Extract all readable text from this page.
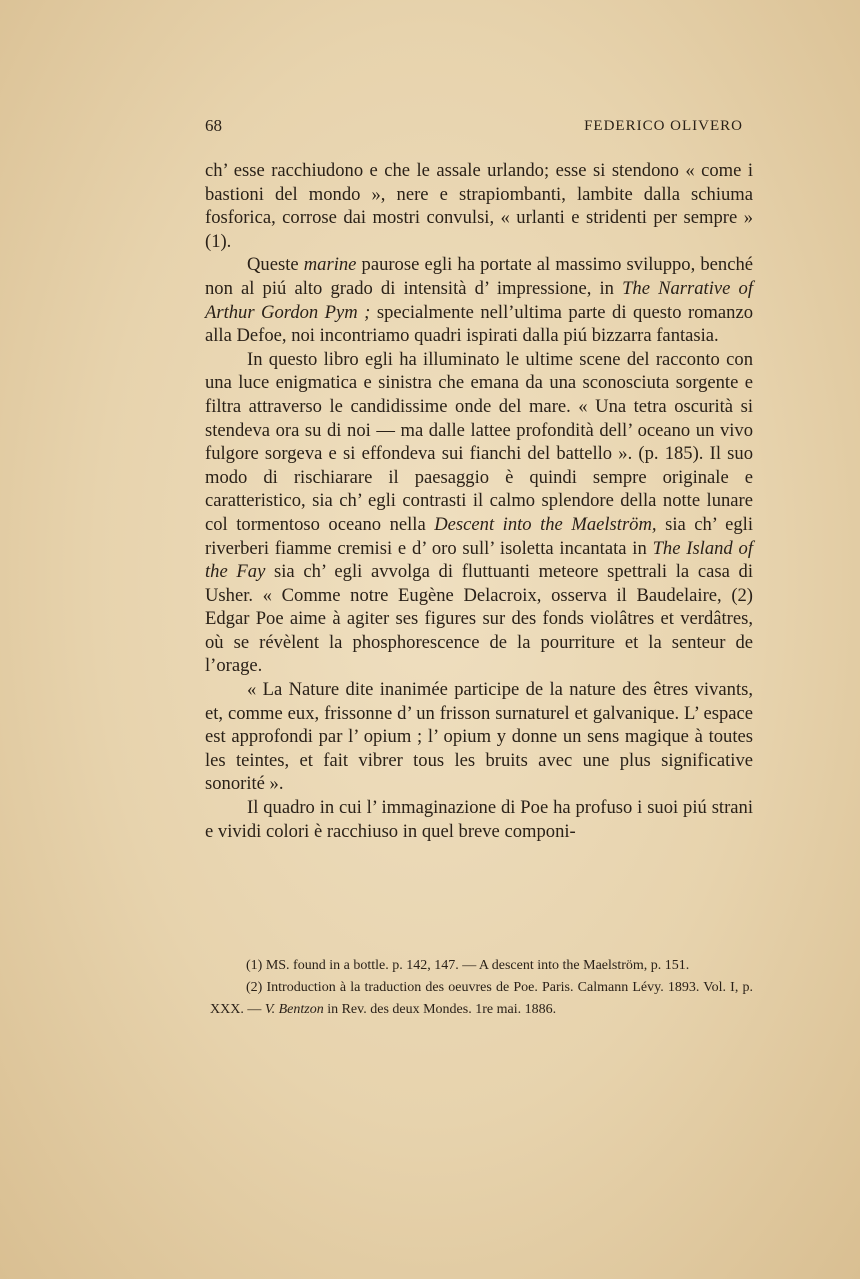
68	FEDERICO OLIVERO

ch’ esse racchiudono e che le assale urlando; esse si stendono « come i bastioni del mondo », nere e strapiombanti, lambite dalla schiuma fosforica, corrose dai mostri convulsi, « urlanti e stridenti per sempre » (1).

Queste marine paurose egli ha portate al massimo sviluppo, benché non al piú alto grado di intensità d’ impressione, in The Narrative of Arthur Gordon Pym ; specialmente nell’ultima parte di questo romanzo alla Defoe, noi incontriamo quadri ispirati dalla piú bizzarra fantasia.

In questo libro egli ha illuminato le ultime scene del racconto con una luce enigmatica e sinistra che emana da una sconosciuta sorgente e filtra attraverso le candidissime onde del mare. « Una tetra oscurità si stendeva ora su di noi — ma dalle lattee profondità dell’ oceano un vivo fulgore sorgeva e si effondeva sui fianchi del battello ». (p. 185). Il suo modo di rischiarare il paesaggio è quindi sempre originale e caratteristico, sia ch’ egli contrasti il calmo splendore della notte lunare col tormentoso oceano nella Descent into the Maelström, sia ch’ egli riverberi fiamme cremisi e d’ oro sull’ isoletta incantata in The Island of the Fay sia ch’ egli avvolga di fluttuanti meteore spettrali la casa di Usher. « Comme notre Eugène Delacroix, osserva il Baudelaire, (2) Edgar Poe aime à agiter ses figures sur des fonds violâtres et verdâtres, où se révèlent la phosphorescence de la pourriture et la senteur de l’orage.

« La Nature dite inanimée participe de la nature des êtres vivants, et, comme eux, frissonne d’ un frisson surnaturel et galvanique. L’ espace est approfondi par l’ opium ; l’ opium y donne un sens magique à toutes les teintes, et fait vibrer tous les bruits avec une plus significative sonorité ».

Il quadro in cui l’ immaginazione di Poe ha profuso i suoi piú strani e vividi colori è racchiuso in quel breve componi-

(1) MS. found in a bottle. p. 142, 147. — A descent into the Maelström, p. 151.

(2) Introduction à la traduction des oeuvres de Poe. Paris. Calmann Lévy. 1893. Vol. I, p. XXX. — V. Bentzon in Rev. des deux Mondes. 1re mai. 1886.
